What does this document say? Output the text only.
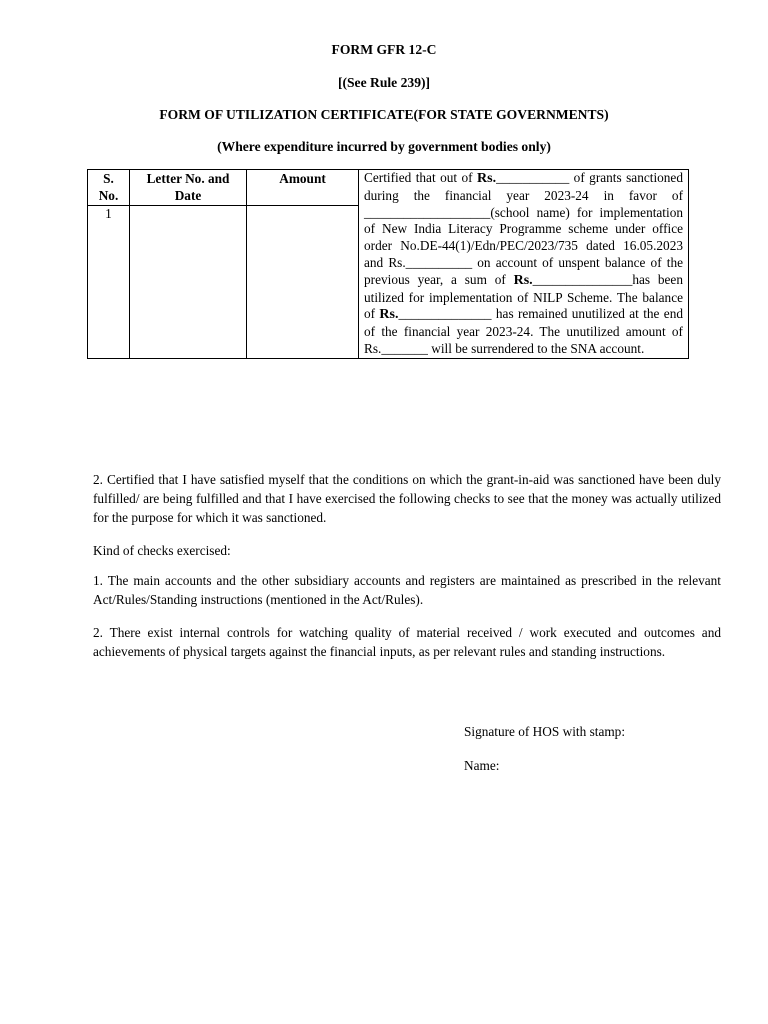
FORM GFR 12-C
[(See Rule 239)]
FORM OF UTILIZATION CERTIFICATE(FOR STATE GOVERNMENTS)
(Where expenditure incurred by government bodies only)
S. No.	Letter No. and Date	Amount	Certified that out of Rs.___________ of grants sanctioned during the financial year 2023-24 in favor of ___________________(school name) for implementation of New India Literacy Programme scheme under office order No.DE-44(1)/Edn/PEC/2023/735 dated 16.05.2023 and Rs.__________ on account of unspent balance of the previous year, a sum of Rs._______________has been utilized for implementation of NILP Scheme. The balance of Rs.______________ has remained unutilized at the end of the financial year 2023-24. The unutilized amount of Rs._______ will be surrendered to the SNA account.
1			
2. Certified that I have satisfied myself that the conditions on which the grant-in-aid was sanctioned have been duly fulfilled/ are being fulfilled and that I have exercised the following checks to see that the money was actually utilized for the purpose for which it was sanctioned.
Kind of checks exercised:
1. The main accounts and the other subsidiary accounts and registers are maintained as prescribed in the relevant Act/Rules/Standing instructions (mentioned in the Act/Rules).
2. There exist internal controls for watching quality of material received / work executed and outcomes and achievements of physical targets against the financial inputs, as per relevant rules and standing instructions.
Signature of HOS with stamp:
Name:
